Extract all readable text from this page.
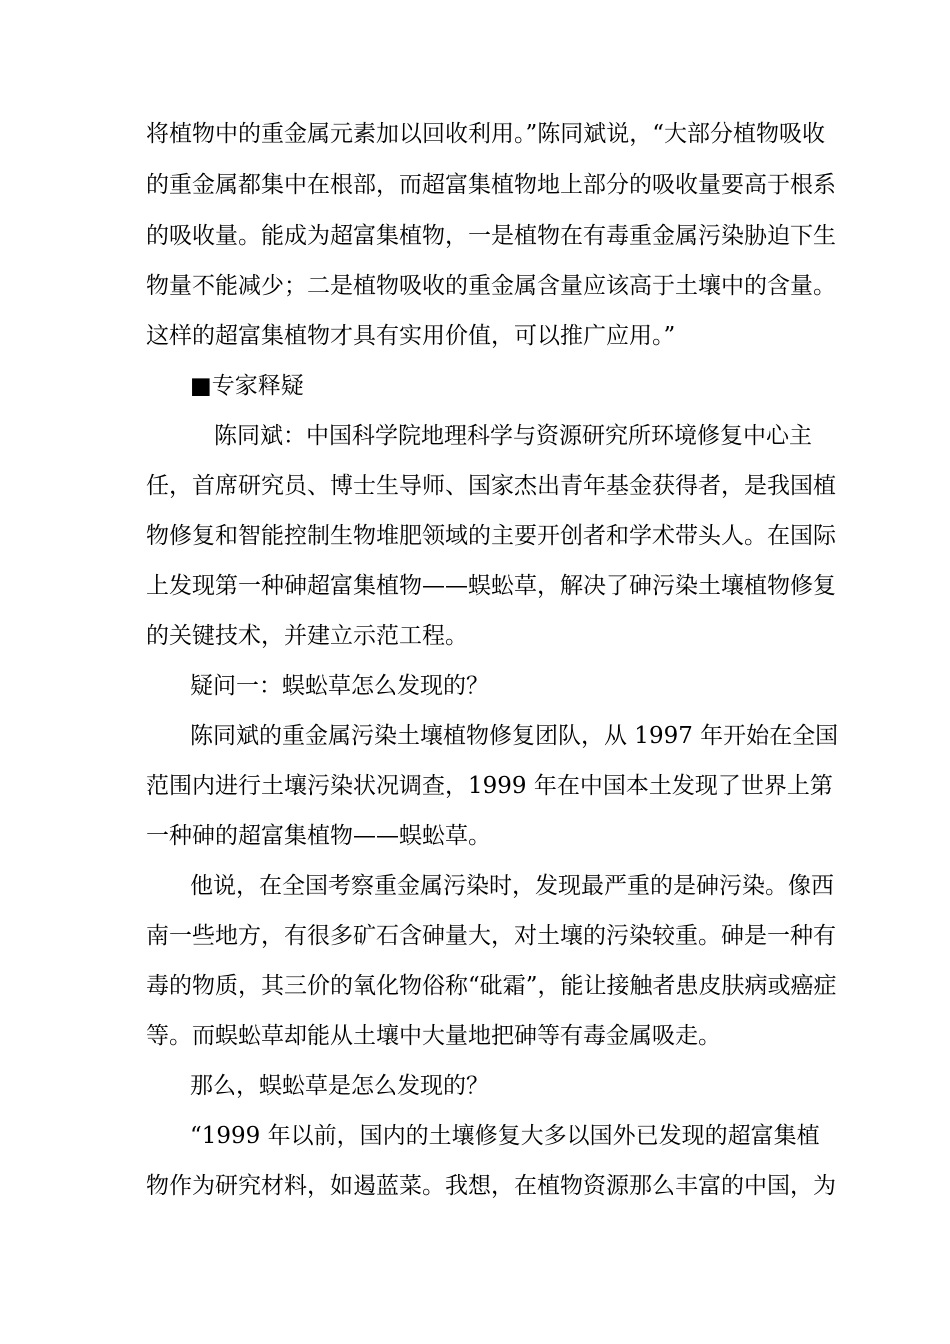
将植物中的重金属元素加以回收利用。”陈同斌说，“大部分植物吸收
的重金属都集中在根部，而超富集植物地上部分的吸收量要高于根系
的吸收量。能成为超富集植物，一是植物在有毒重金属污染胁迫下生
物量不能减少；二是植物吸收的重金属含量应该高于土壤中的含量。
这样的超富集植物才具有实用价值，可以推广应用。”
■专家释疑
陈同斌：中国科学院地理科学与资源研究所环境修复中心主
任，首席研究员、博士生导师、国家杰出青年基金获得者，是我国植
物修复和智能控制生物堆肥领域的主要开创者和学术带头人。在国际
上发现第一种砷超富集植物——蜈蚣草，解决了砷污染土壤植物修复
的关键技术，并建立示范工程。
疑问一：蜈蚣草怎么发现的？
陈同斌的重金属污染土壤植物修复团队，从 1997 年开始在全国
范围内进行土壤污染状况调查，1999 年在中国本土发现了世界上第
一种砷的超富集植物——蜈蚣草。
他说，在全国考察重金属污染时，发现最严重的是砷污染。像西
南一些地方，有很多矿石含砷量大，对土壤的污染较重。砷是一种有
毒的物质，其三价的氧化物俗称“砒霜”，能让接触者患皮肤病或癌症
等。而蜈蚣草却能从土壤中大量地把砷等有毒金属吸走。
那么，蜈蚣草是怎么发现的？
“1999 年以前，国内的土壤修复大多以国外已发现的超富集植
物作为研究材料，如遏蓝菜。我想，在植物资源那么丰富的中国，为
